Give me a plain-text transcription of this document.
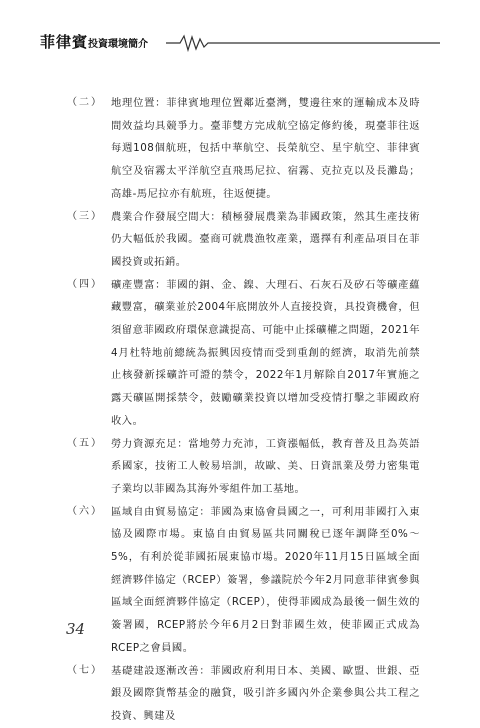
菲律賓投資環境簡介
（二） 地理位置：菲律賓地理位置鄰近臺灣，雙邊往來的運輸成本及時間效益均具競爭力。臺菲雙方完成航空協定修約後，現臺菲往返每週108個航班，包括中華航空、長榮航空、星宇航空、菲律賓航空及宿霧太平洋航空直飛馬尼拉、宿霧、克拉克以及長灘島；高雄-馬尼拉亦有航班，往返便捷。

（三） 農業合作發展空間大：積極發展農業為菲國政策，然其生產技術仍大幅低於我國。臺商可就農漁牧產業，選擇有利產品項目在菲國投資或拓銷。

（四） 礦產豐富：菲國的銅、金、鎳、大理石、石灰石及矽石等礦產蘊藏豐富，礦業並於2004年底開放外人直接投資，具投資機會，但須留意菲國政府環保意識提高、可能中止採礦權之問題，2021年4月杜特地前總統為振興因疫情而受到重創的經濟，取消先前禁止核發新採礦許可證的禁令，2022年1月解除自2017年實施之露天礦區開採禁令，鼓勵礦業投資以增加受疫情打擊之菲國政府收入。

（五） 勞力資源充足：當地勞力充沛，工資漲幅低，教育普及且為英語系國家，技術工人較易培訓，故歐、美、日資訊業及勞力密集電子業均以菲國為其海外零組件加工基地。

（六） 區域自由貿易協定：菲國為東協會員國之一，可利用菲國打入東協及國際市場。東協自由貿易區共同關稅已逐年調降至0%～5%，有利於從菲國拓展東協市場。2020年11月15日區域全面經濟夥伴協定（RCEP）簽署，參議院於今年2月同意菲律賓參與區域全面經濟夥伴協定（RCEP），使得菲國成為最後一個生效的簽署國，RCEP將於今年6月2日對菲國生效，使菲國正式成為RCEP之會員國。

（七） 基礎建設逐漸改善：菲國政府利用日本、美國、歐盟、世銀、亞銀及國際貨幣基金的融貸，吸引許多國內外企業參與公共工程之投資、興建及

34
